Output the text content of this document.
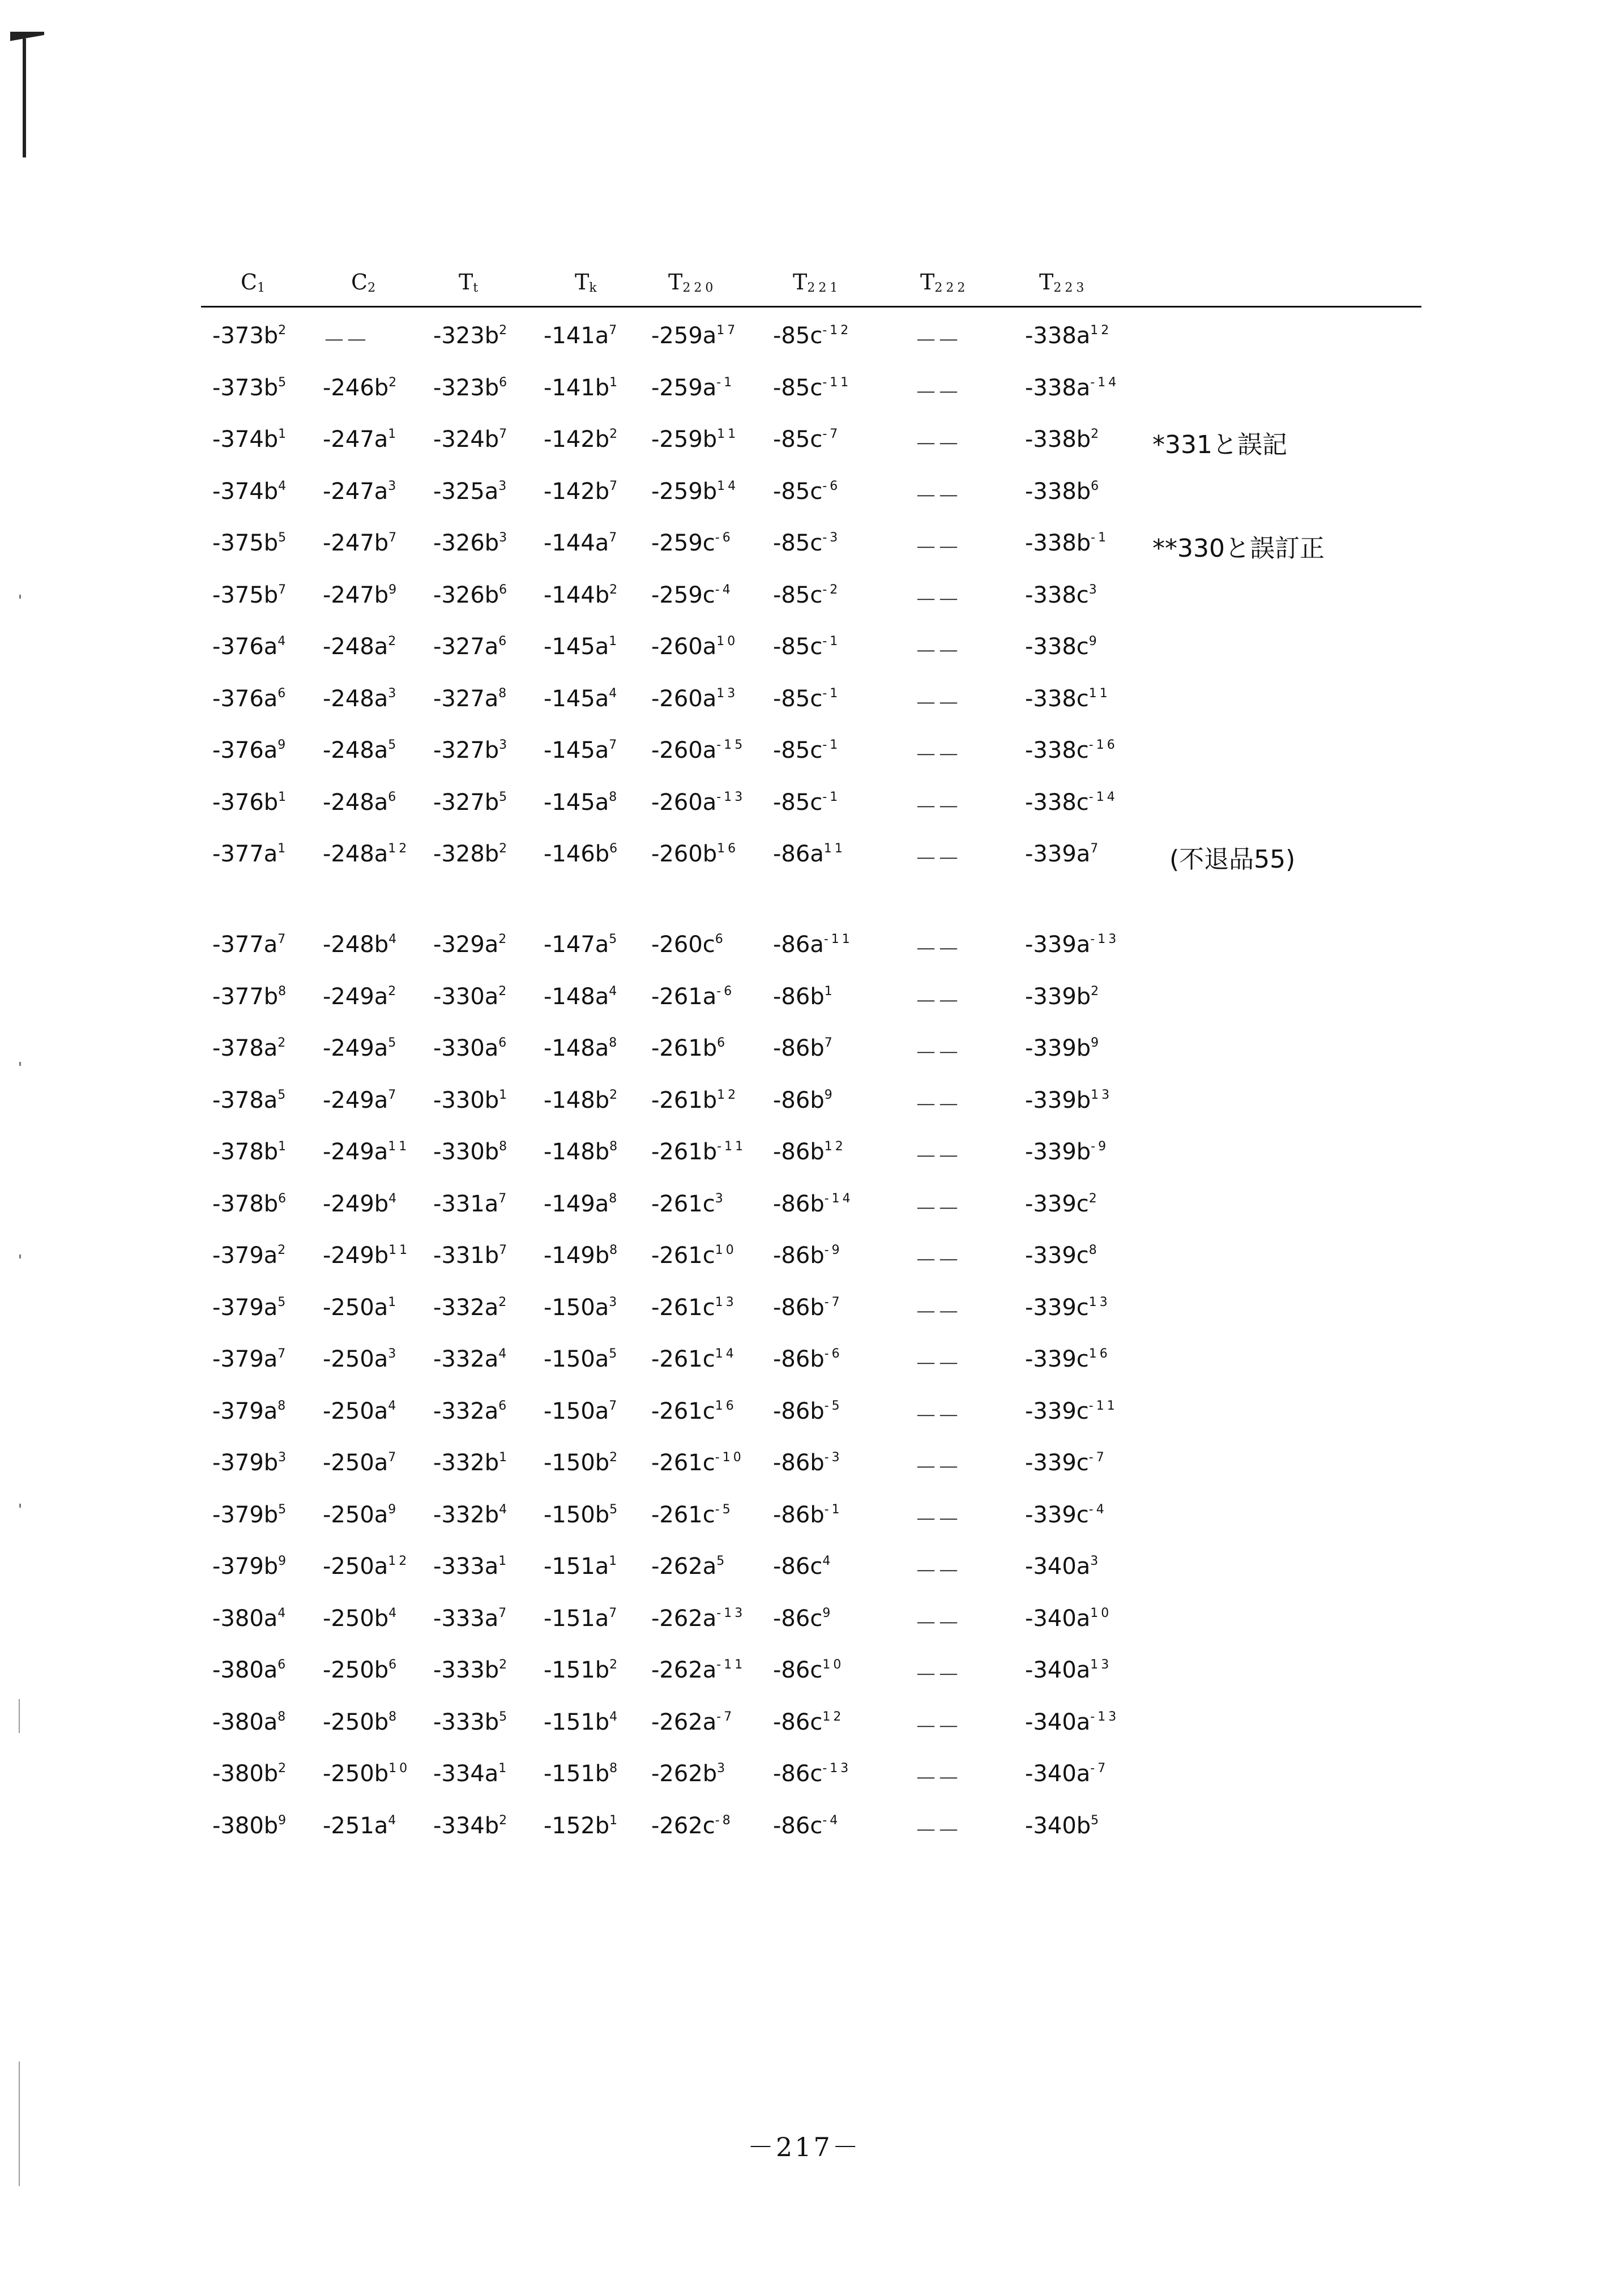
$C_1$	$C_2$	$T_t$	$T_k$	$T_{220}$	$T_{221}$	$T_{222}$	$T_{223}$
$-373b^2$ －－	$-323b^2$ $-141a^7$ $-259a^{17}$ $-85c^{-12}$	－－	$-338a^{12}$
$-373b^5$ $-246b^2$ $-323b^6$ $-141b^1$ $-259a^{-1}$ $-85c^{-11}$	－－	$-338a^{-14}$
$-374b^1$ $-247a^1$ $-324b^7$ $-142b^2$ $-259b^{11}$ $-85c^{-7}$	－－	$-338b^2$
$-374b^4$ $-247a^3$ $-325a^3$ $-142b^7$ $-259b^{14}$ $-85c^{-6}$	－－	$-338b^6$
$-375b^5$ $-247b^7$ $-326b^3$ $-144a^7$ $-259c^{-6}$ $-85c^{-3}$	－－	$-338b^{-1}$
$-375b^7$ $-247b^9$ $-326b^6$ $-144b^2$ $-259c^{-4}$ $-85c^{-2}$	－－	$-338c^3$
$-376a^4$ $-248a^2$ $-327a^6$ $-145a^1$ $-260a^{10}$ $-85c^{-1}$	－－	$-338c^9$
$-376a^6$ $-248a^3$ $-327a^8$ $-145a^4$ $-260a^{13}$ $-85c^{-1}$	－－	$-338c^{11}$
$-376a^9$ $-248a^5$ $-327b^3$ $-145a^7$ $-260a^{-15}$ $-85c^{-1}$	－－	$-338c^{-16}$
$-376b^1$ $-248a^6$ $-327b^5$ $-145a^8$ $-260a^{-13}$ $-85c^{-1}$	－－	$-338c^{-14}$
$-377a^1$ $-248a^{12}$ $-328b^2$ $-146b^6$ $-260b^{16}$ $-86a^{11}$	－－	$-339a^7$
$-377a^7$ $-248b^4$ $-329a^2$ $-147a^5$ $-260c^6$ $-86a^{-11}$	－－	$-339a^{-13}$
$-377b^8$ $-249a^2$ $-330a^2$ $-148a^4$ $-261a^{-6}$ $-86b^1$	－－	$-339b^2$
$-378a^2$ $-249a^5$ $-330a^6$ $-148a^8$ $-261b^6$ $-86b^7$	－－	$-339b^9$
$-378a^5$ $-249a^7$ $-330b^1$ $-148b^2$ $-261b^{12}$ $-86b^9$	－－	$-339b^{13}$
$-378b^1$ $-249a^{11}$ $-330b^8$ $-148b^8$ $-261b^{-11}$ $-86b^{12}$	－－	$-339b^{-9}$
$-378b^6$ $-249b^4$ $-331a^7$ $-149a^8$ $-261c^3$ $-86b^{-14}$	－－	$-339c^2$
$-379a^2$ $-249b^{11}$ $-331b^7$ $-149b^8$ $-261c^{10}$ $-86b^{-9}$	－－	$-339c^8$
$-379a^5$ $-250a^1$ $-332a^2$ $-150a^3$ $-261c^{13}$ $-86b^{-7}$	－－	$-339c^{13}$
$-379a^7$ $-250a^3$ $-332a^4$ $-150a^5$ $-261c^{14}$ $-86b^{-6}$	－－	$-339c^{16}$
$-379a^8$ $-250a^4$ $-332a^6$ $-150a^7$ $-261c^{16}$ $-86b^{-5}$	－－	$-339c^{-11}$
$-379b^3$ $-250a^7$ $-332b^1$ $-150b^2$ $-261c^{-10}$ $-86b^{-3}$	－－	$-339c^{-7}$
$-379b^5$ $-250a^9$ $-332b^4$ $-150b^5$ $-261c^{-5}$ $-86b^{-1}$	－－	$-339c^{-4}$
$-379b^9$ $-250a^{12}$ $-333a^1$ $-151a^1$ $-262a^5$ $-86c^4$	－－	$-340a^3$
$-380a^4$ $-250b^4$ $-333a^7$ $-151a^7$ $-262a^{-13}$ $-86c^9$	－－	$-340a^{10}$
$-380a^6$ $-250b^6$ $-333b^2$ $-151b^2$ $-262a^{-11}$ $-86c^{10}$	－－	$-340a^{13}$
$-380a^8$ $-250b^8$ $-333b^5$ $-151b^4$ $-262a^{-7}$ $-86c^{12}$	－－	$-340a^{-13}$
$-380b^2$ $-250b^{10}$ $-334a^1$ $-151b^8$ $-262b^3$ $-86c^{-13}$	－－	$-340a^{-7}$
$-380b^9$ $-251a^4$ $-334b^2$ $-152b^1$ $-262c^{-8}$ $-86c^{-4}$	－－	$-340b^5$
*331と誤記
**330と誤訂正
(不退品55)
－217－
